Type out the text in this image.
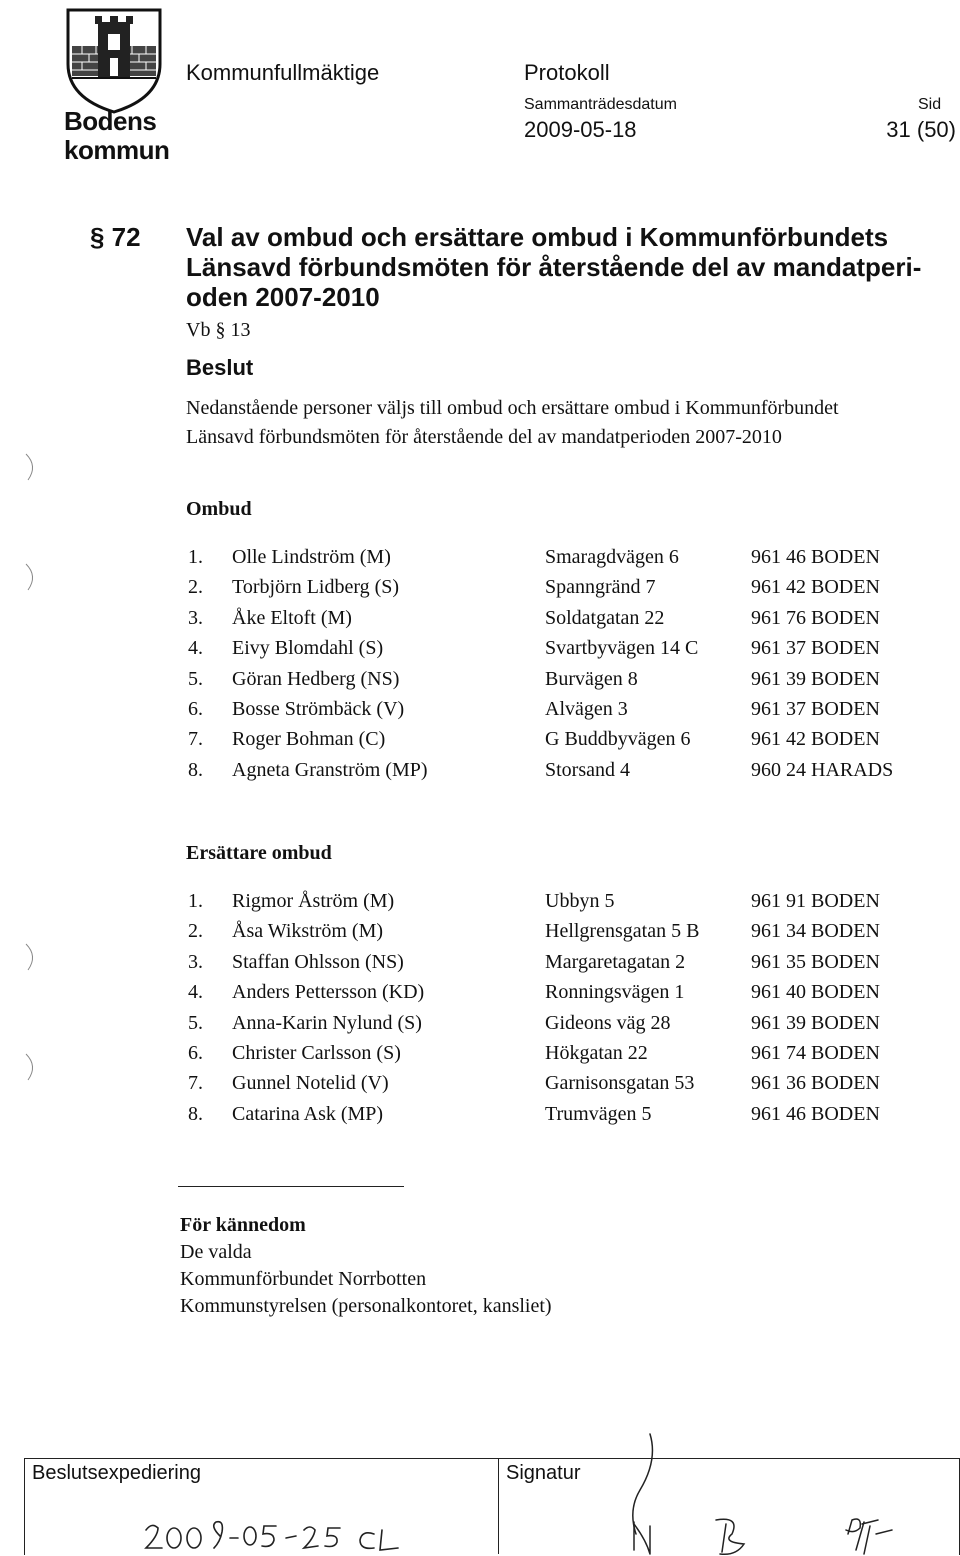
Bodens
kommun
Kommunfullmäktige	Protokoll
Sammanträdesdatum
2009-05-18
Sid
31 (50)
§ 72 Val av ombud och ersättare ombud i Kommunförbundets
Länsavd förbundsmöten för återstående del av mandatperi-
oden 2007-2010
Vb § 13
Beslut
Nedanstående personer väljs till ombud och ersättare ombud i Kommunförbundet
Länsavd förbundsmöten för återstående del av mandatperioden 2007-2010
Ombud
1. Olle Lindström (M)	Smaragdvägen 6	961 46 BODEN
2. Torbjörn Lidberg (S)	Spanngränd 7	961 42 BODEN
3. Åke Eltoft (M)	Soldatgatan 22	961 76 BODEN
4. Eivy Blomdahl (S)	Svartbyvägen 14 C	961 37 BODEN
5. Göran Hedberg (NS)	Burvägen 8	961 39 BODEN
6. Bosse Strömbäck (V)	Alvägen 3	961 37 BODEN
7. Roger Bohman (C)	G Buddbyvägen 6	961 42 BODEN
8. Agneta Granström (MP)	Storsand 4	960 24 HARADS
Ersättare ombud
1. Rigmor Åström (M)	Ubbyn 5	961 91 BODEN
2. Åsa Wikström (M)	Hellgrensgatan 5 B	961 34 BODEN
3. Staffan Ohlsson (NS)	Margaretagatan 2	961 35 BODEN
4. Anders Pettersson (KD)	Ronningsvägen 1	961 40 BODEN
5. Anna-Karin Nylund (S)	Gideons väg 28	961 39 BODEN
6. Christer Carlsson (S)	Hökgatan 22	961 74 BODEN
7. Gunnel Notelid (V)	Garnisonsgatan 53	961 36 BODEN
8. Catarina Ask (MP)	Trumvägen 5	961 46 BODEN
För kännedom
De valda
Kommunförbundet Norrbotten
Kommunstyrelsen (personalkontoret, kansliet)
Beslutsexpediering	Signatur
